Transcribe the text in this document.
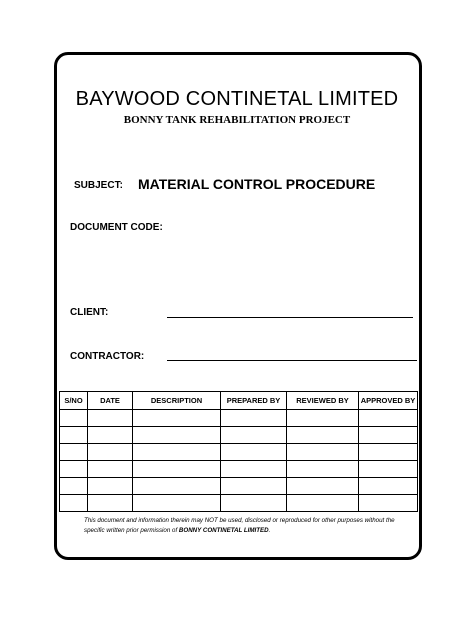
BAYWOOD CONTINETAL LIMITED
BONNY TANK REHABILITATION PROJECT
SUBJECT: MATERIAL CONTROL PROCEDURE
DOCUMENT CODE:
CLIENT:
CONTRACTOR:
S/NO	DATE	DESCRIPTION	PREPARED BY	REVIEWED BY	APPROVED BY

This document and information therein may NOT be used, disclosed or reproduced for other purposes without the specific written prior permission of BONNY CONTINETAL LIMITED.
